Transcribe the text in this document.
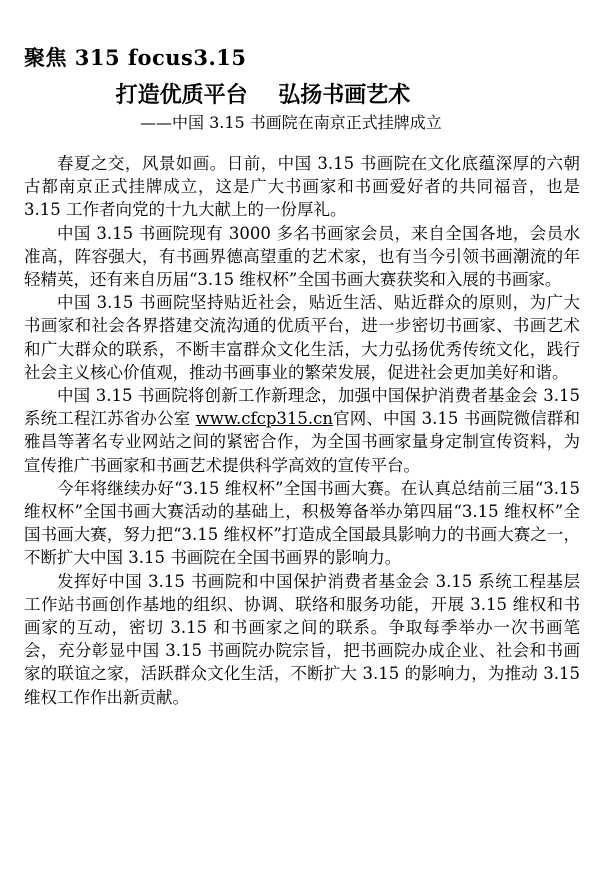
聚焦 315 focus3.15
打造优质平台    弘扬书画艺术
——中国 3.15 书画院在南京正式挂牌成立

春夏之交，风景如画。日前，中国 3.15 书画院在文化底蕴深厚的六朝古都南京正式挂牌成立，这是广大书画家和书画爱好者的共同福音，也是 3.15 工作者向党的十九大献上的一份厚礼。

中国 3.15 书画院现有 3000 多名书画家会员，来自全国各地，会员水准高，阵容强大，有书画界德高望重的艺术家，也有当今引领书画潮流的年轻精英，还有来自历届“3.15 维权杯”全国书画大赛获奖和入展的书画家。

中国 3.15 书画院坚持贴近社会，贴近生活、贴近群众的原则，为广大书画家和社会各界搭建交流沟通的优质平台，进一步密切书画家、书画艺术和广大群众的联系，不断丰富群众文化生活，大力弘扬优秀传统文化，践行社会主义核心价值观，推动书画事业的繁荣发展，促进社会更加美好和谐。

中国 3.15 书画院将创新工作新理念，加强中国保护消费者基金会 3.15 系统工程江苏省办公室 www.cfcp315.cn官网、中国 3.15 书画院微信群和雅昌等著名专业网站之间的紧密合作，为全国书画家量身定制宣传资料，为宣传推广书画家和书画艺术提供科学高效的宣传平台。

今年将继续办好“3.15 维权杯”全国书画大赛。在认真总结前三届“3.15 维权杯”全国书画大赛活动的基础上，积极筹备举办第四届“3.15 维权杯”全国书画大赛，努力把“3.15 维权杯”打造成全国最具影响力的书画大赛之一，不断扩大中国 3.15 书画院在全国书画界的影响力。

发挥好中国 3.15 书画院和中国保护消费者基金会 3.15 系统工程基层工作站书画创作基地的组织、协调、联络和服务功能，开展 3.15 维权和书画家的互动，密切 3.15 和书画家之间的联系。争取每季举办一次书画笔会，充分彰显中国 3.15 书画院办院宗旨，把书画院办成企业、社会和书画家的联谊之家，活跃群众文化生活，不断扩大 3.15 的影响力，为推动 3.15 维权工作作出新贡献。
